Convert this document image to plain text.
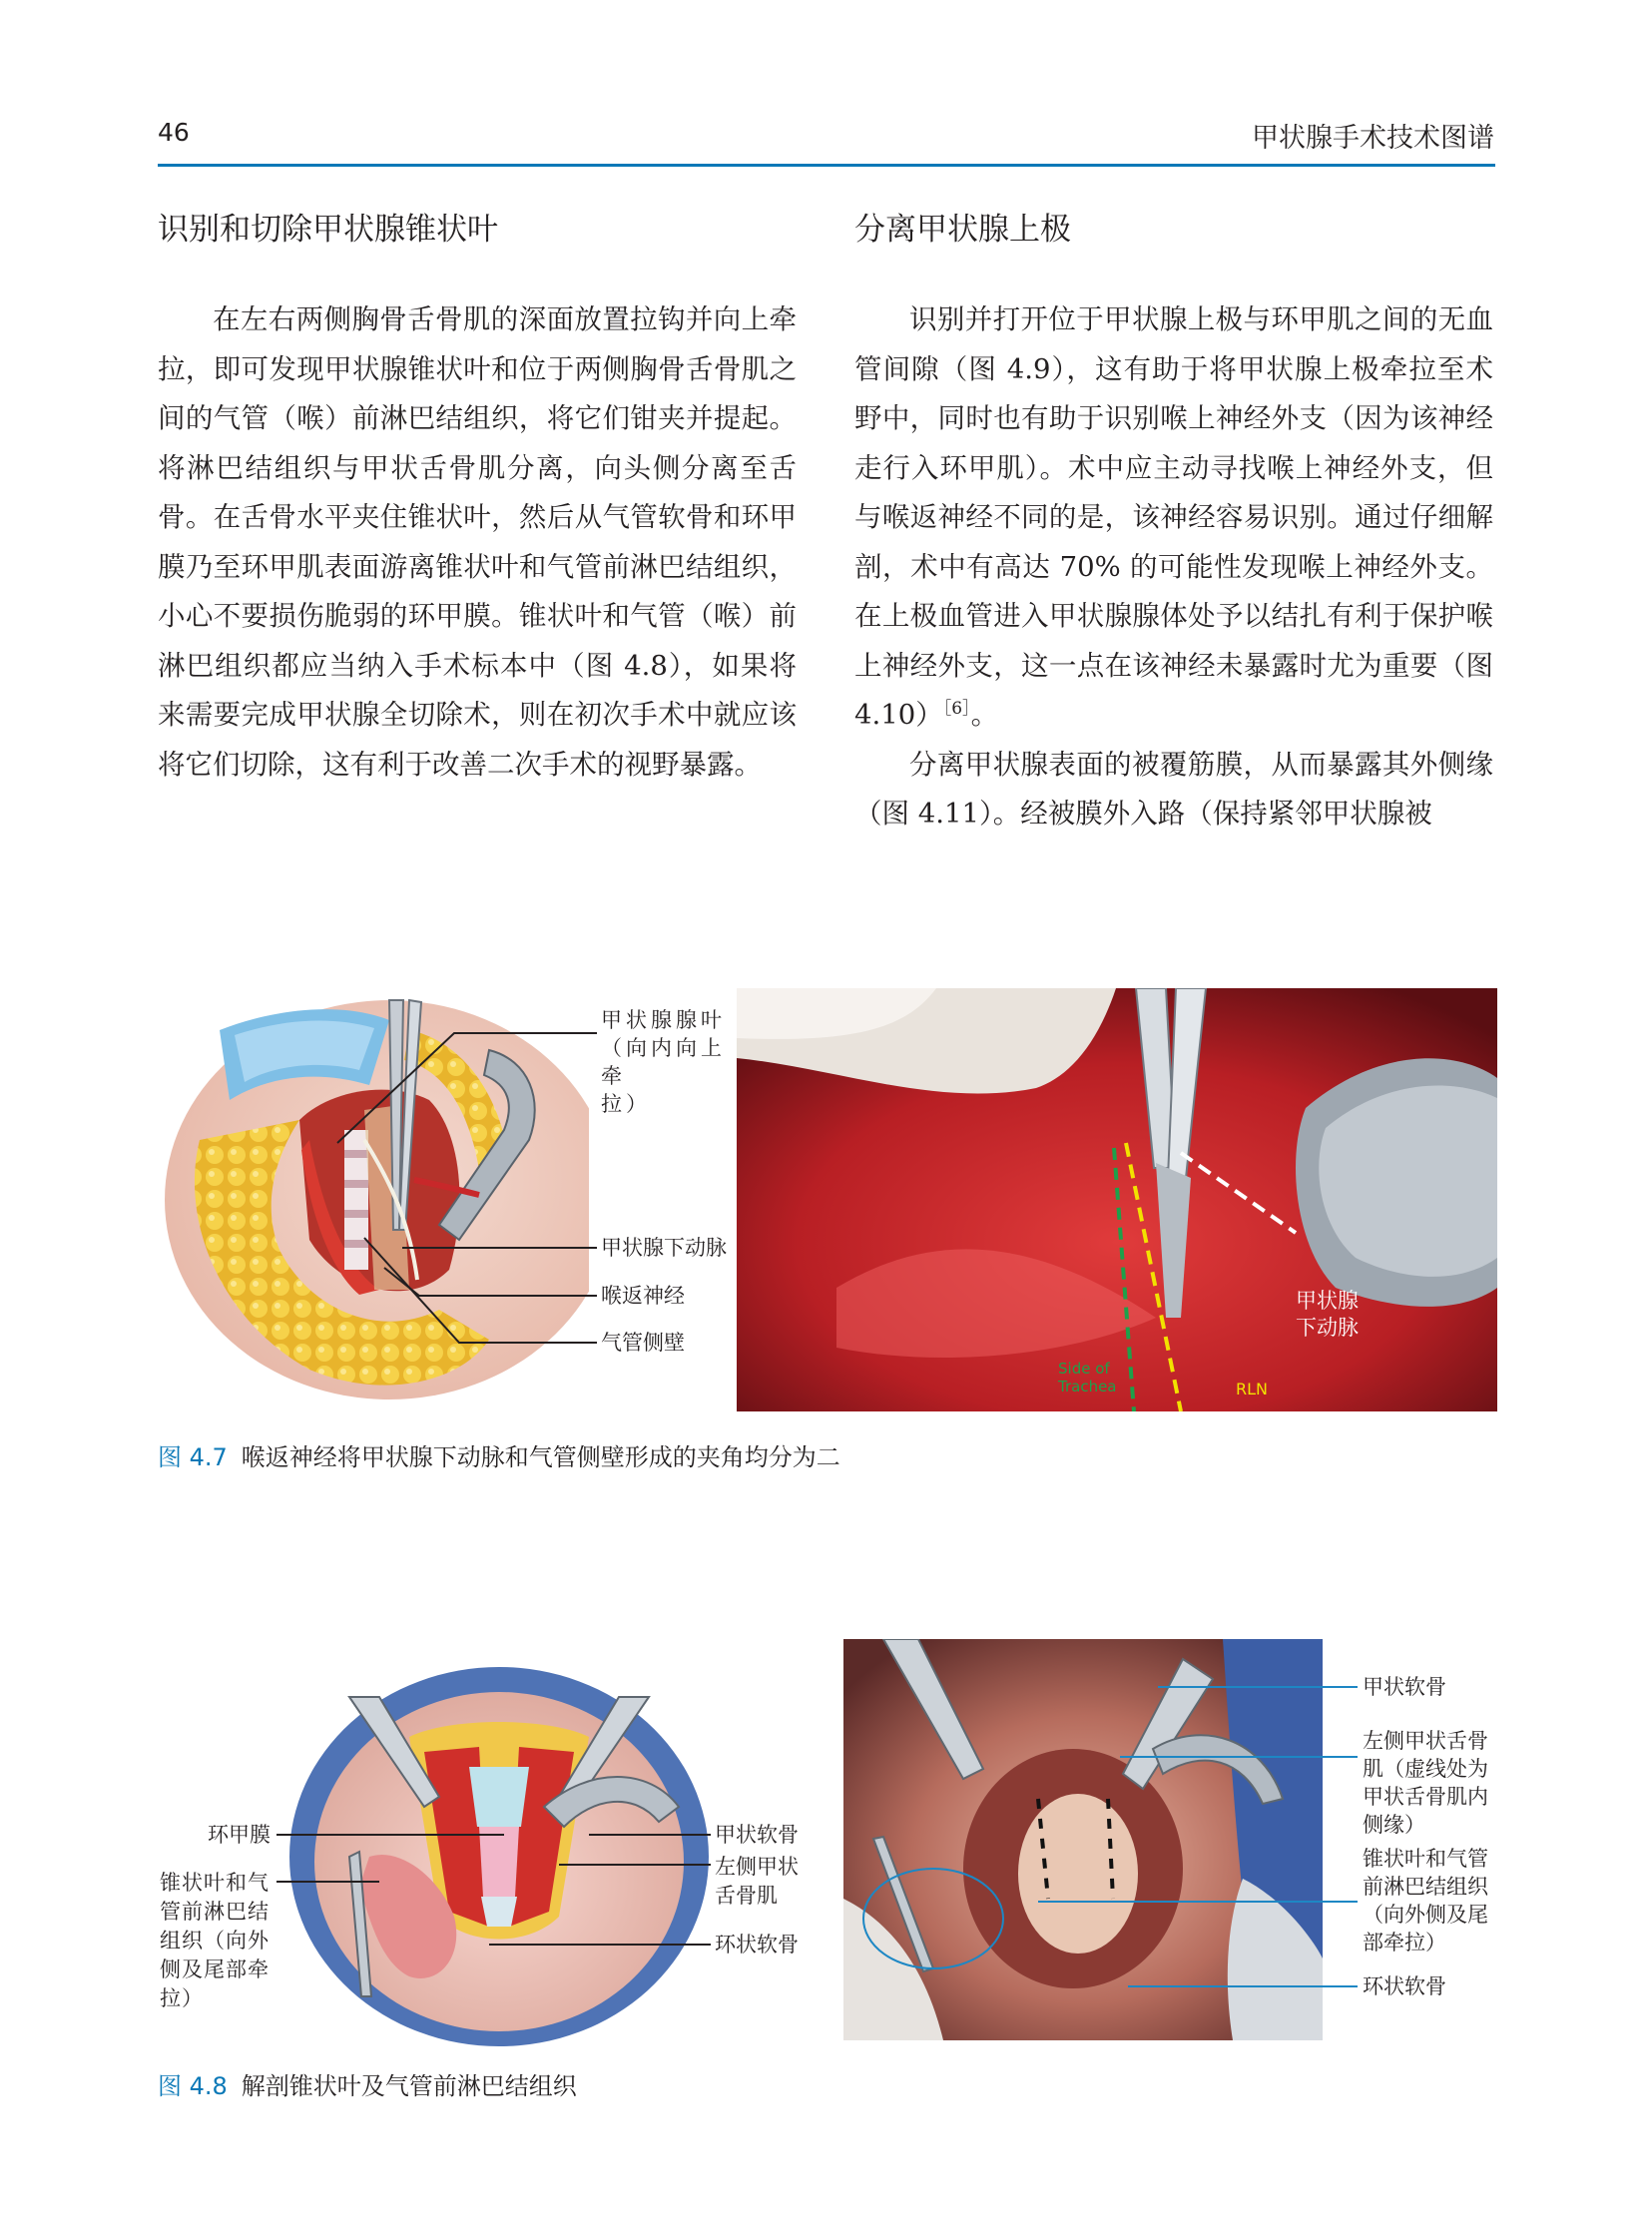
46	甲状腺手术技术图谱
识别和切除甲状腺锥状叶

在左右两侧胸骨舌骨肌的深面放置拉钩并向上牵拉，即可发现甲状腺锥状叶和位于两侧胸骨舌骨肌之间的气管（喉）前淋巴结组织，将它们钳夹并提起。将淋巴结组织与甲状舌骨肌分离，向头侧分离至舌骨。在舌骨水平夹住锥状叶，然后从气管软骨和环甲膜乃至环甲肌表面游离锥状叶和气管前淋巴结组织，小心不要损伤脆弱的环甲膜。锥状叶和气管（喉）前淋巴组织都应当纳入手术标本中（图 4.8），如果将来需要完成甲状腺全切除术，则在初次手术中就应该将它们切除，这有利于改善二次手术的视野暴露。

分离甲状腺上极

识别并打开位于甲状腺上极与环甲肌之间的无血管间隙（图 4.9），这有助于将甲状腺上极牵拉至术野中，同时也有助于识别喉上神经外支（因为该神经走行入环甲肌）。术中应主动寻找喉上神经外支，但与喉返神经不同的是，该神经容易识别。通过仔细解剖，术中有高达 70% 的可能性发现喉上神经外支。在上极血管进入甲状腺腺体处予以结扎有利于保护喉上神经外支，这一点在该神经未暴露时尤为重要（图 4.10）$^{[6]}$。

分离甲状腺表面的被覆筋膜，从而暴露其外侧缘（图 4.11）。经被膜外入路（保持紧邻甲状腺被

甲状腺腺叶
（向内向上牵
拉）
甲状腺下动脉
喉返神经
气管侧壁
甲状腺
下动脉
Side of
Trachea	RLN
图 4.7 喉返神经将甲状腺下动脉和气管侧壁形成的夹角均分为二
环甲膜
锥状叶和气
管前淋巴结
组织（向外
侧及尾部牵
拉）
甲状软骨
左侧甲状
舌骨肌
环状软骨
甲状软骨
左侧甲状舌骨
肌（虚线处为
甲状舌骨肌内
侧缘）
锥状叶和气管
前淋巴结组织
（向外侧及尾
部牵拉）
环状软骨
图 4.8 解剖锥状叶及气管前淋巴结组织
